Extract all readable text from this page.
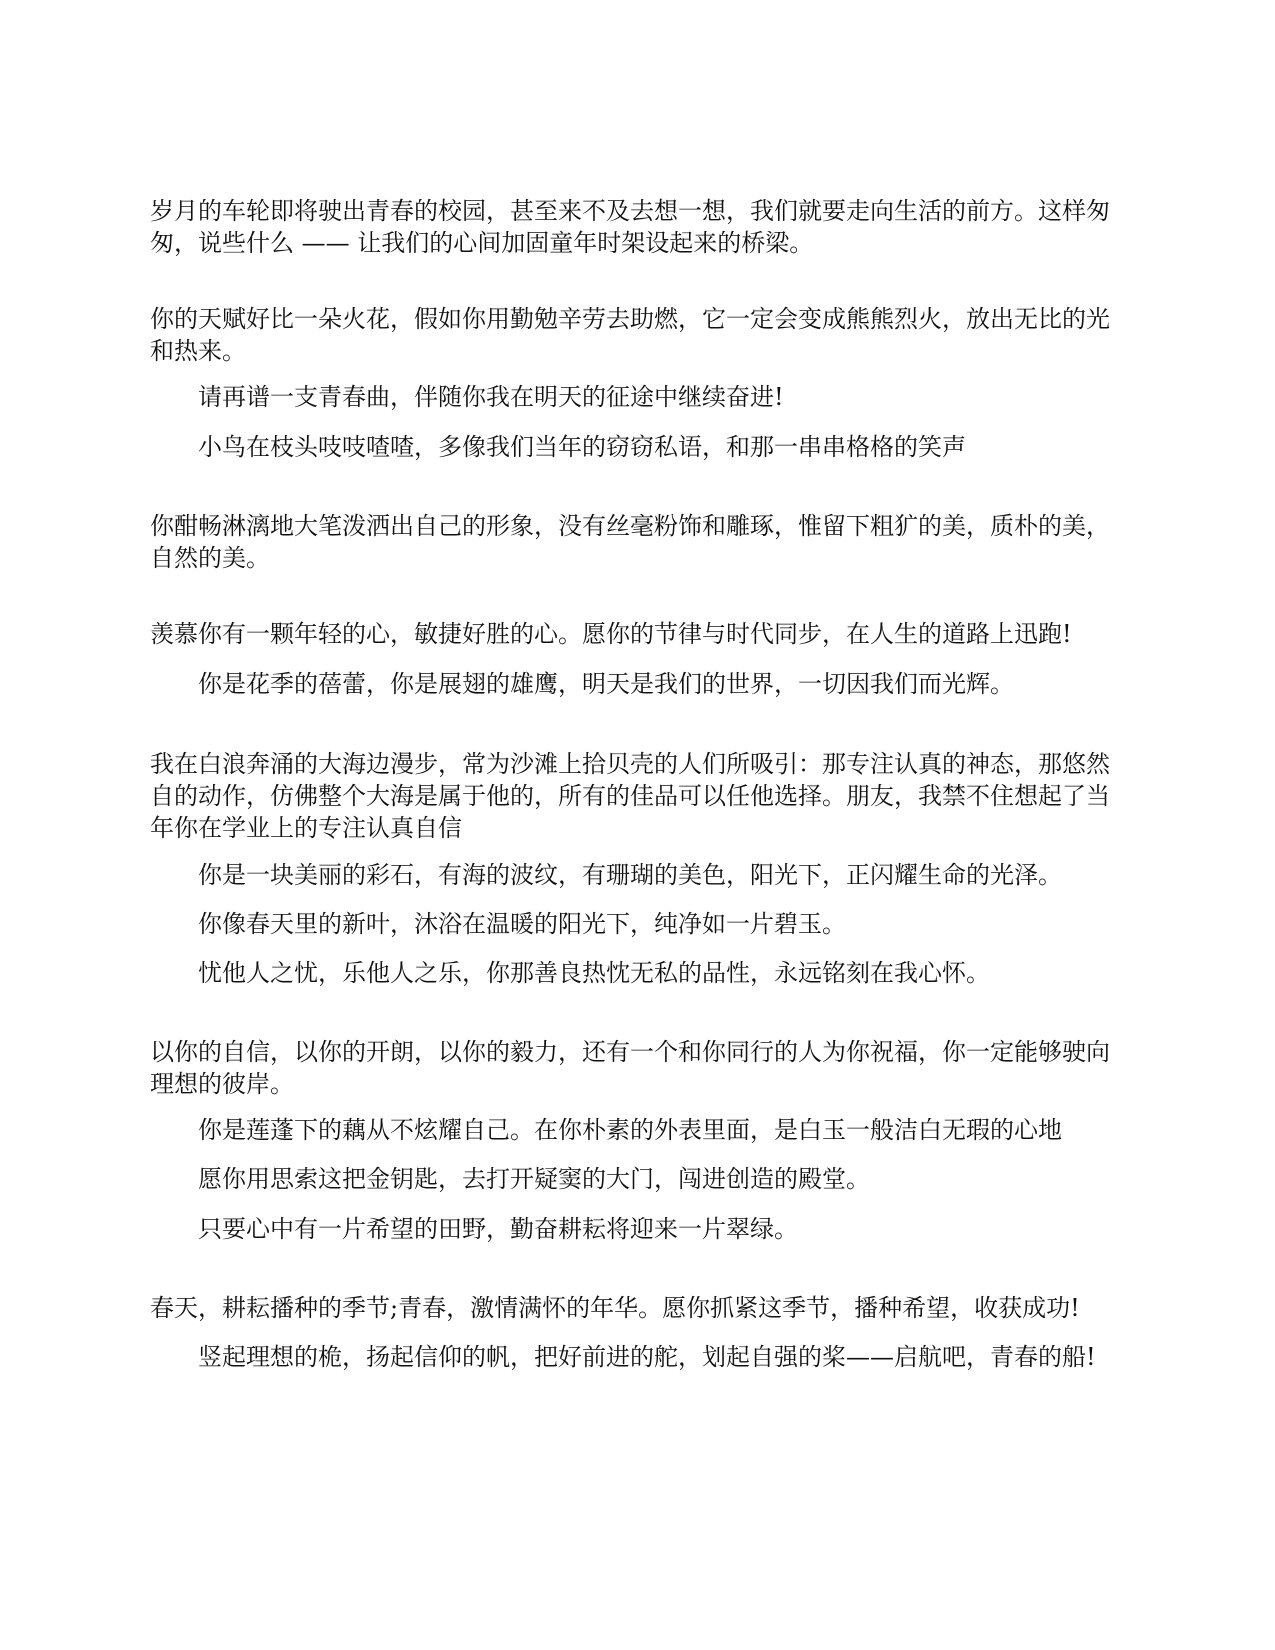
岁月的车轮即将驶出青春的校园，甚至来不及去想一想，我们就要走向生活的前方。这样匆匆，说些什么 —— 让我们的心间加固童年时架设起来的桥梁。

你的天赋好比一朵火花，假如你用勤勉辛劳去助燃，它一定会变成熊熊烈火，放出无比的光和热来。

请再谱一支青春曲，伴随你我在明天的征途中继续奋进!

小鸟在枝头吱吱喳喳，多像我们当年的窃窃私语，和那一串串格格的笑声

你酣畅淋漓地大笔泼洒出自己的形象，没有丝毫粉饰和雕琢，惟留下粗犷的美，质朴的美，自然的美。

羡慕你有一颗年轻的心，敏捷好胜的心。愿你的节律与时代同步，在人生的道路上迅跑!

你是花季的蓓蕾，你是展翅的雄鹰，明天是我们的世界，一切因我们而光辉。

我在白浪奔涌的大海边漫步，常为沙滩上拾贝壳的人们所吸引：那专注认真的神态，那悠然自的动作，仿佛整个大海是属于他的，所有的佳品可以任他选择。朋友，我禁不住想起了当年你在学业上的专注认真自信

你是一块美丽的彩石，有海的波纹，有珊瑚的美色，阳光下，正闪耀生命的光泽。

你像春天里的新叶，沐浴在温暖的阳光下，纯净如一片碧玉。

忧他人之忧，乐他人之乐，你那善良热忱无私的品性，永远铭刻在我心怀。

以你的自信，以你的开朗，以你的毅力，还有一个和你同行的人为你祝福，你一定能够驶向理想的彼岸。

你是莲蓬下的藕从不炫耀自己。在你朴素的外表里面，是白玉一般洁白无瑕的心地

愿你用思索这把金钥匙，去打开疑窦的大门，闯进创造的殿堂。

只要心中有一片希望的田野，勤奋耕耘将迎来一片翠绿。

春天，耕耘播种的季节;青春，激情满怀的年华。愿你抓紧这季节，播种希望，收获成功!

竖起理想的桅，扬起信仰的帆，把好前进的舵，划起自强的桨——启航吧，青春的船!
